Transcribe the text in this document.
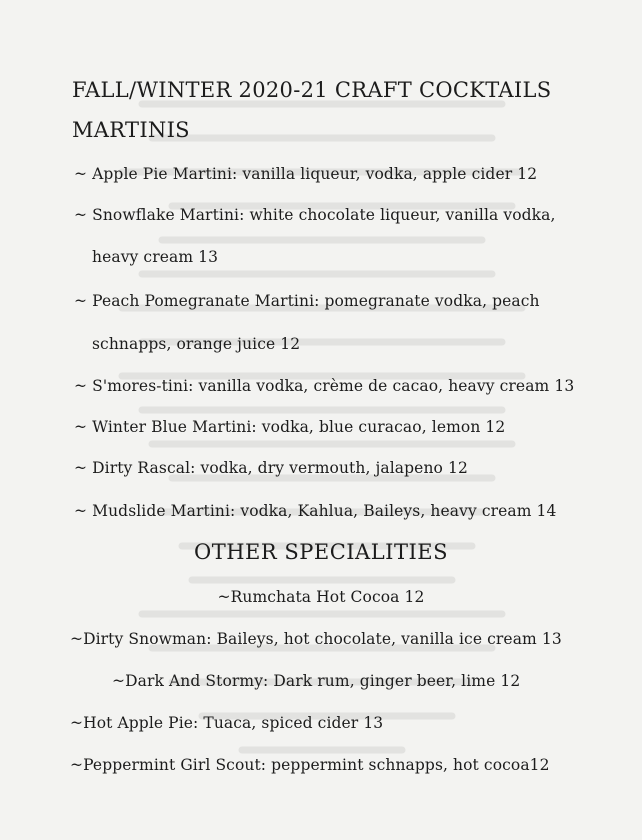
FALL/WINTER 2020-21 CRAFT COCKTAILS
MARTINIS
~ Apple Pie Martini: vanilla liqueur, vodka, apple cider 12
~ Snowflake Martini: white chocolate liqueur, vanilla vodka,
heavy cream 13
~ Peach Pomegranate Martini: pomegranate vodka, peach
schnapps, orange juice 12
~ S'mores-tini: vanilla vodka, crème de cacao, heavy cream 13
~ Winter Blue Martini: vodka, blue curacao, lemon 12
~ Dirty Rascal: vodka, dry vermouth, jalapeno 12
~ Mudslide Martini: vodka, Kahlua, Baileys, heavy cream 14
OTHER SPECIALITIES
~Rumchata Hot Cocoa 12
~Dirty Snowman: Baileys, hot chocolate, vanilla ice cream 13
~Dark And Stormy: Dark rum, ginger beer, lime 12
~Hot Apple Pie: Tuaca, spiced cider 13
~Peppermint Girl Scout: peppermint schnapps, hot cocoa12
